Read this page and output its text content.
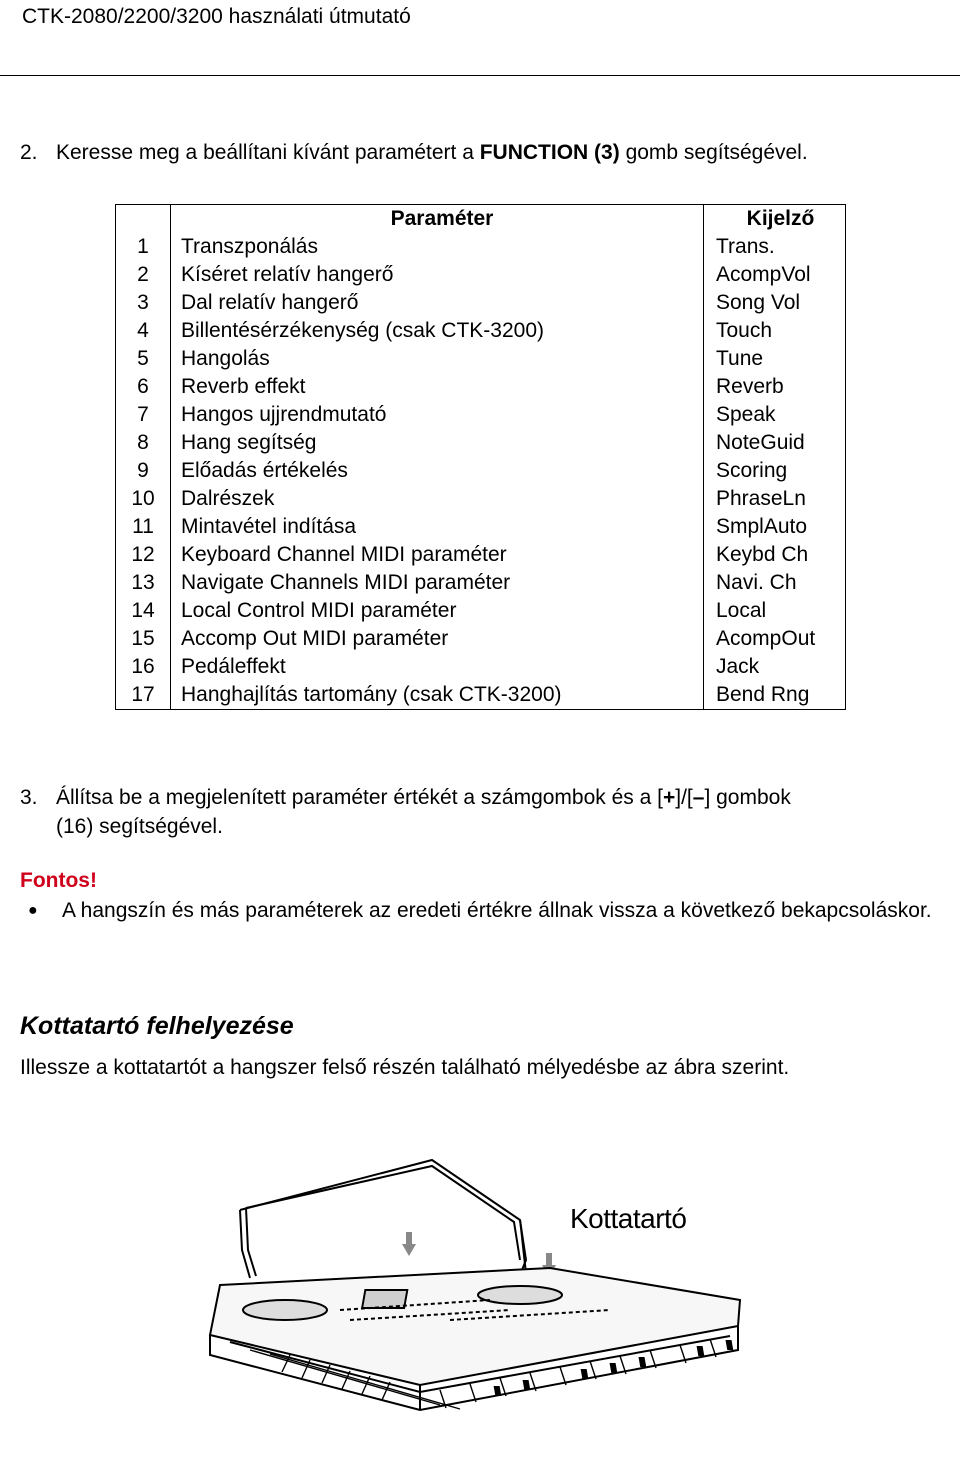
CTK-2080/2200/3200 használati útmutató
2. Keresse meg a beállítani kívánt paramétert a FUNCTION (3) gomb segítségével.
	Paraméter	Kijelző
1	Transzponálás	Trans.
2	Kíséret relatív hangerő	AcompVol
3	Dal relatív hangerő	Song Vol
4	Billentésérzékenység (csak CTK-3200)	Touch
5	Hangolás	Tune
6	Reverb effekt	Reverb
7	Hangos ujjrendmutató	Speak
8	Hang segítség	NoteGuid
9	Előadás értékelés	Scoring
10	Dalrészek	PhraseLn
11	Mintavétel indítása	SmplAuto
12	Keyboard Channel MIDI paraméter	Keybd Ch
13	Navigate Channels MIDI paraméter	Navi. Ch
14	Local Control MIDI paraméter	Local
15	Accomp Out MIDI paraméter	AcompOut
16	Pedáleffekt	Jack
17	Hanghajlítás tartomány (csak CTK-3200)	Bend Rng
3. Állítsa be a megjelenített paraméter értékét a számgombok és a [+]/[–] gombok
(16) segítségével.
Fontos!
● A hangszín és más paraméterek az eredeti értékre állnak vissza a következő bekapcsoláskor.
Kottatartó felhelyezése
Illessze a kottatartót a hangszer felső részén található mélyedésbe az ábra szerint.
Kottatartó
